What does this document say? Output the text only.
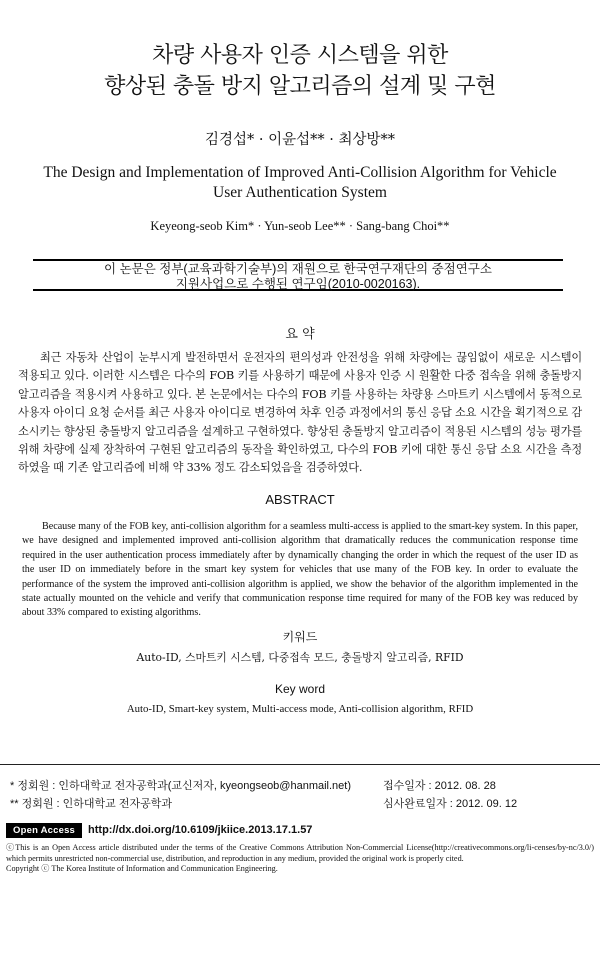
차량 사용자 인증 시스템을 위한
향상된 충돌 방지 알고리즘의 설계 및 구현
김경섭* · 이윤섭** · 최상방**
The Design and Implementation of Improved Anti-Collision Algorithm for Vehicle User Authentication System
Keyeong-seob Kim* · Yun-seob Lee** · Sang-bang Choi**
이 논문은 정부(교육과학기술부)의 재원으로 한국연구재단의 중점연구소
지원사업으로 수행된 연구임(2010-0020163).
요 약
최근 자동차 산업이 눈부시게 발전하면서 운전자의 편의성과 안전성을 위해 차량에는 끊임없이 새로운 시스템이 적용되고 있다. 이러한 시스템은 다수의 FOB 키를 사용하기 때문에 사용자 인증 시 원활한 다중 접속을 위해 충돌방지 알고리즘을 적용시켜 사용하고 있다. 본 논문에서는 다수의 FOB 키를 사용하는 차량용 스마트키 시스템에서 동적으로 사용자 아이디 요청 순서를 최근 사용자 아이디로 변경하여 차후 인증 과정에서의 통신 응답 소요 시간을 획기적으로 감소시키는 향상된 충돌방지 알고리즘을 설계하고 구현하였다. 향상된 충돌방지 알고리즘이 적용된 시스템의 성능 평가를 위해 차량에 실제 장착하여 구현된 알고리즘의 동작을 확인하였고, 다수의 FOB 키에 대한 통신 응답 소요 시간을 측정하였을 때 기존 알고리즘에 비해 약 33% 정도 감소되었음을 검증하였다.
ABSTRACT
Because many of the FOB key, anti-collision algorithm for a seamless multi-access is applied to the smart-key system. In this paper, we have designed and implemented improved anti-collision algorithm that dramatically reduces the communication response time required in the user authentication process immediately after by dynamically changing the order in which the request of the user ID as the user ID on immediately before in the smart key system for vehicles that use many of the FOB key. In order to evaluate the performance of the system the improved anti-collision algorithm is applied, we show the behavior of the algorithm implemented in the state actually mounted on the vehicle and verify that communication response time required for many of the FOB key was reduced by about 33% compared to existing algorithms.
키워드
Auto-ID, 스마트키 시스템, 다중접속 모드, 충돌방지 알고리즘, RFID
Key word
Auto-ID, Smart-key system, Multi-access mode, Anti-collision algorithm, RFID
* 정회원 : 인하대학교 전자공학과(교신저자, kyeongseob@hanmail.net)
** 정회원 : 인하대학교 전자공학과
접수일자 : 2012. 08. 28
심사완료일자 : 2012. 09. 12
Open Access	http://dx.doi.org/10.6109/jkiice.2013.17.1.57
ⓒThis is an Open Access article distributed under the terms of the Creative Commons Attribution Non-Commercial License(http://creativecommons.org/li-censes/by-nc/3.0/) which permits unrestricted non-commercial use, distribution, and reproduction in any medium, provided the original work is properly cited.
Copyright ⓒ The Korea Institute of Information and Communication Engineering.
